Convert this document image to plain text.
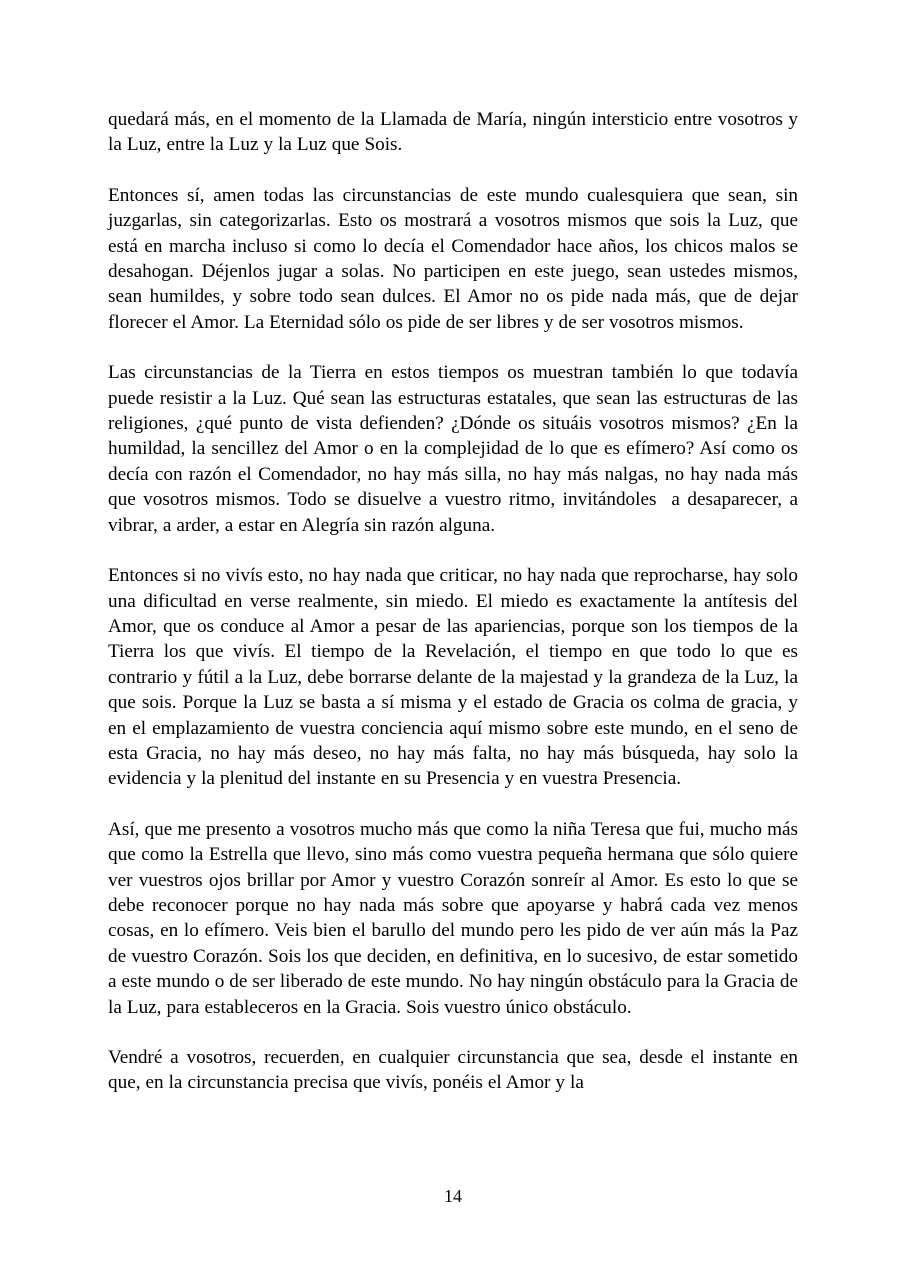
quedará más, en el momento de la Llamada de María, ningún intersticio entre vosotros y la Luz, entre la Luz y la Luz que Sois.

Entonces sí, amen todas las circunstancias de este mundo cualesquiera que sean, sin juzgarlas, sin categorizarlas. Esto os mostrará a vosotros mismos que sois la Luz, que está en marcha incluso si como lo decía el Comendador hace años, los chicos malos se desahogan. Déjenlos jugar a solas. No participen en este juego, sean ustedes mismos, sean humildes, y sobre todo sean dulces. El Amor no os pide nada más, que de dejar  florecer el Amor. La Eternidad sólo os pide de ser libres y de ser vosotros mismos.

Las circunstancias de la Tierra en estos tiempos os muestran también lo que todavía puede resistir a la Luz. Qué sean las estructuras estatales, que sean las estructuras de las religiones, ¿qué punto de vista defienden? ¿Dónde os situáis vosotros mismos? ¿En la humildad, la sencillez del Amor o en la complejidad de lo que es efímero? Así como os decía con razón el Comendador, no hay más silla, no hay más nalgas, no hay nada más que vosotros mismos. Todo se disuelve a vuestro ritmo, invitándoles  a desaparecer, a vibrar, a arder, a estar en Alegría sin razón alguna.

Entonces si no vivís esto, no hay nada que criticar, no hay nada que reprocharse, hay solo una dificultad en verse realmente, sin miedo. El miedo es exactamente la antítesis del Amor, que os conduce al Amor a pesar de las apariencias, porque son los tiempos de la Tierra los que vivís. El tiempo de la Revelación, el tiempo en que todo lo que es contrario y fútil a la Luz, debe borrarse delante de la majestad y la grandeza de la Luz, la que sois. Porque la Luz se basta a sí misma y el estado de Gracia os colma de gracia, y en el emplazamiento de vuestra conciencia aquí mismo sobre este mundo, en el seno de esta Gracia, no hay más deseo, no hay más falta, no hay más búsqueda, hay solo la evidencia y la plenitud del instante en su Presencia y en vuestra Presencia.

Así, que me presento a vosotros mucho más que como la niña Teresa que fui, mucho más que como la Estrella que llevo, sino más como vuestra pequeña hermana que sólo quiere ver vuestros ojos brillar por Amor y vuestro Corazón sonreír al Amor. Es esto lo que se debe reconocer porque no hay nada más sobre que apoyarse y habrá cada vez menos cosas, en lo efímero. Veis bien el barullo del mundo pero les pido de ver aún más la Paz de vuestro Corazón. Sois los que deciden, en definitiva, en lo sucesivo, de estar sometido a este mundo o de ser liberado de este mundo. No hay ningún obstáculo para la Gracia de la Luz, para estableceros en la Gracia. Sois vuestro único obstáculo.

Vendré a vosotros, recuerden, en cualquier circunstancia que sea, desde el instante en que, en la circunstancia precisa que vivís, ponéis el Amor y la

14
